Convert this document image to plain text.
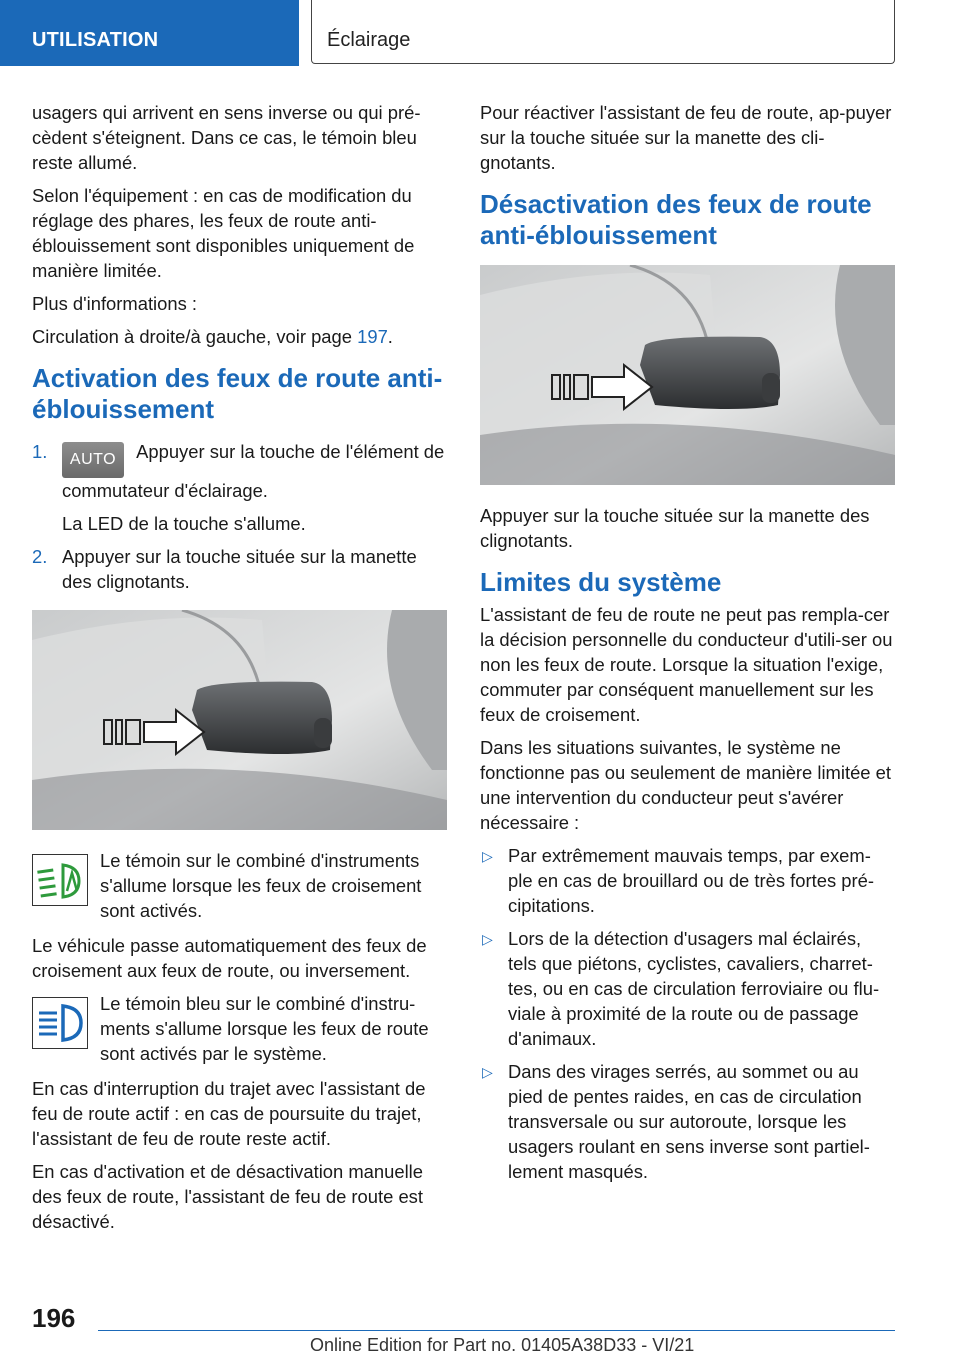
UTILISATION	Éclairage

usagers qui arrivent en sens inverse ou qui pré-cèdent s'éteignent. Dans ce cas, le témoin bleu reste allumé.

Selon l'équipement : en cas de modification du réglage des phares, les feux de route anti-éblouissement sont disponibles uniquement de manière limitée.

Plus d'informations :

Circulation à droite/à gauche, voir page 197.

Activation des feux de route anti-éblouissement
1. AUTO Appuyer sur la touche de l'élément de commutateur d'éclairage.

La LED de la touche s'allume.

2. Appuyer sur la touche située sur la manette des clignotants.
Le témoin sur le combiné d'instruments s'allume lorsque les feux de croisement sont activés.

Le véhicule passe automatiquement des feux de croisement aux feux de route, ou inversement.

Le témoin bleu sur le combiné d'instru-ments s'allume lorsque les feux de route sont activés par le système.

En cas d'interruption du trajet avec l'assistant de feu de route actif : en cas de poursuite du trajet, l'assistant de feu de route reste actif.

En cas d'activation et de désactivation manuelle des feux de route, l'assistant de feu de route est désactivé.

Pour réactiver l'assistant de feu de route, ap-puyer sur la touche située sur la manette des cli-gnotants.

Désactivation des feux de route anti-éblouissement

Appuyer sur la touche située sur la manette des clignotants.

Limites du système

L'assistant de feu de route ne peut pas rempla-cer la décision personnelle du conducteur d'utili-ser ou non les feux de route. Lorsque la situation l'exige, commuter par conséquent manuellement sur les feux de croisement.

Dans les situations suivantes, le système ne fonctionne pas ou seulement de manière limitée et une intervention du conducteur peut s'avérer nécessaire :

▷ Par extrêmement mauvais temps, par exem-ple en cas de brouillard ou de très fortes pré-cipitations.
▷ Lors de la détection d'usagers mal éclairés, tels que piétons, cyclistes, cavaliers, charret-tes, ou en cas de circulation ferroviaire ou flu-viale à proximité de la route ou de passage d'animaux.
▷ Dans des virages serrés, au sommet ou au pied de pentes raides, en cas de circulation transversale ou sur autoroute, lorsque les usagers roulant en sens inverse sont partiel-lement masqués.
196
Online Edition for Part no. 01405A38D33 - VI/21
